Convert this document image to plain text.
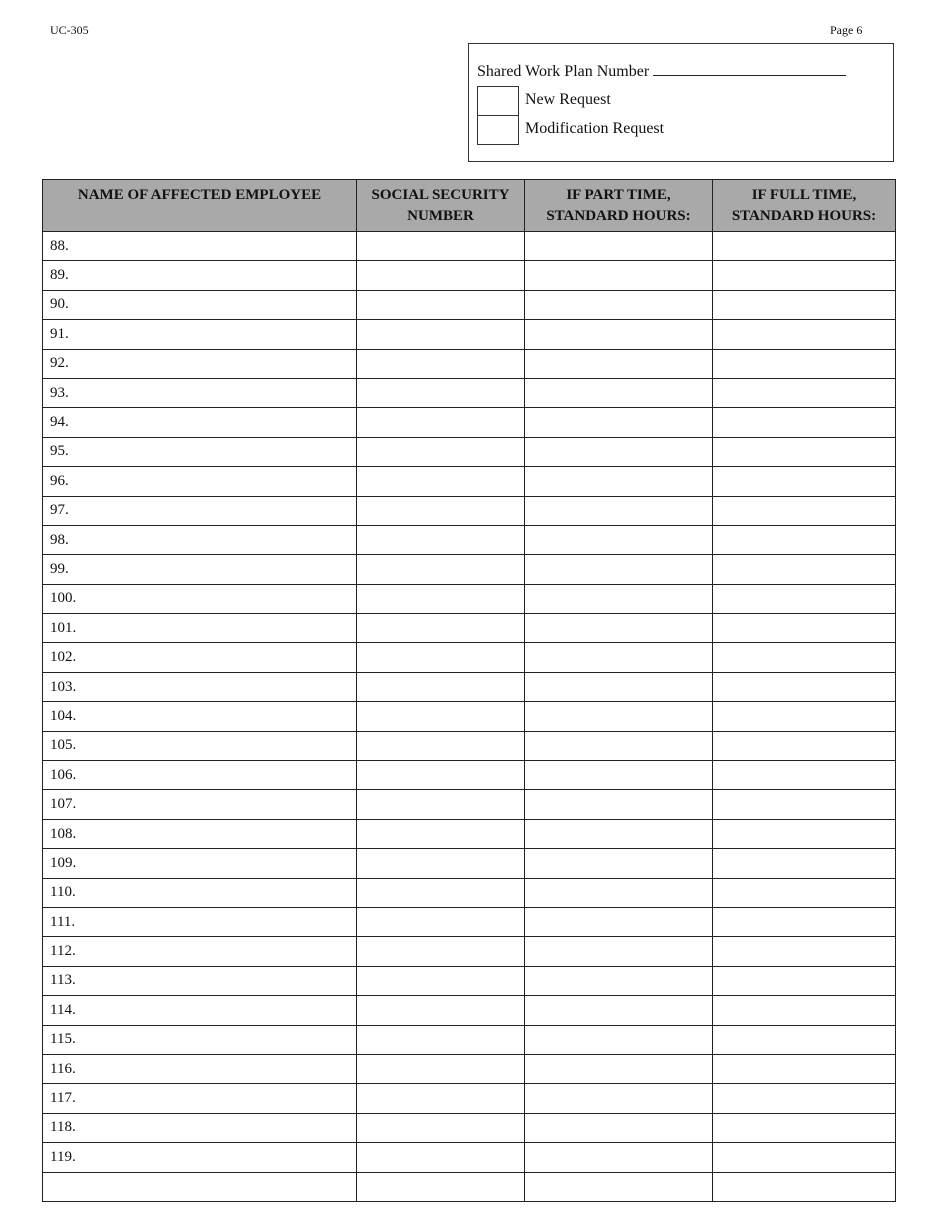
UC-305	Page 6
Shared Work Plan Number
New Request
Modification Request
NAME OF AFFECTED EMPLOYEE	SOCIAL SECURITY NUMBER	IF PART TIME, STANDARD HOURS:	IF FULL TIME, STANDARD HOURS:
88.			
89.			
90.			
91.			
92.			
93.			
94.			
95.			
96.			
97.			
98.			
99.			
100.			
101.			
102.			
103.			
104.			
105.			
106.			
107.			
108.			
109.			
110.			
111.			
112.			
113.			
114.			
115.			
116.			
117.			
118.			
119.			
